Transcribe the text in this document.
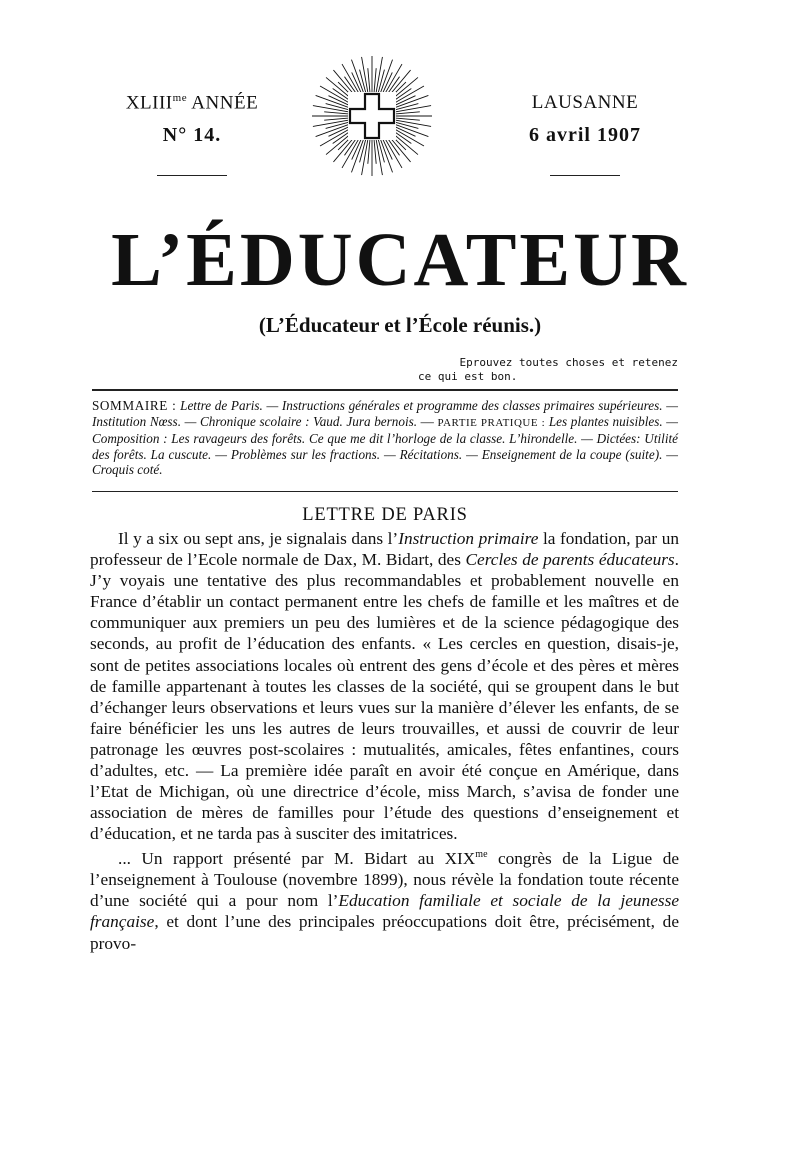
$XLIII^{me}$ ANNÉE
N° 14.
LAUSANNE
6 avril 1907
L’ÉDUCATEUR
(L’Éducateur et l’École réunis.)
Eprouvez toutes choses et retenez
ce qui est bon.
SOMMAIRE : Lettre de Paris. — Instructions générales et programme des classes primaires supérieures. — Institution Nœss. — Chronique scolaire : Vaud. Jura bernois. — PARTIE PRATIQUE : Les plantes nuisibles. — Composition : Les ravageurs des forêts. Ce que me dit l’horloge de la classe. L’hirondelle. — Dictées: Utilité des forêts. La cuscute. — Problèmes sur les fractions. — Récitations. — Enseignement de la coupe (suite). — Croquis coté.
LETTRE DE PARIS

Il y a six ou sept ans, je signalais dans l’Instruction primaire la fondation, par un professeur de l’Ecole normale de Dax, M. Bidart, des Cercles de parents éducateurs. J’y voyais une tentative des plus recommandables et probablement nouvelle en France d’établir un contact permanent entre les chefs de famille et les maîtres et de communiquer aux premiers un peu des lumières et de la science pédagogique des seconds, au profit de l’éducation des enfants. « Les cercles en question, disais-je, sont de petites associations locales où entrent des gens d’école et des pères et mères de famille appartenant à toutes les classes de la société, qui se groupent dans le but d’échanger leurs observations et leurs vues sur la manière d’élever les enfants, de se faire bénéficier les uns les autres de leurs trouvailles, et aussi de couvrir de leur patronage les œuvres post-scolaires : mutualités, amicales, fêtes enfantines, cours d’adultes, etc. — La première idée paraît en avoir été conçue en Amérique, dans l’Etat de Michigan, où une directrice d’école, miss March, s’avisa de fonder une association de mères de familles pour l’étude des questions d’enseignement et d’éducation, et ne tarda pas à susciter des imitatrices.

... Un rapport présenté par M. Bidart au $XIX^{me}$ congrès de la Ligue de l’enseignement à Toulouse (novembre 1899), nous révèle la fondation toute récente d’une société qui a pour nom l’Education familiale et sociale de la jeunesse française, et dont l’une des principales préoccupations doit être, précisément, de provo-
